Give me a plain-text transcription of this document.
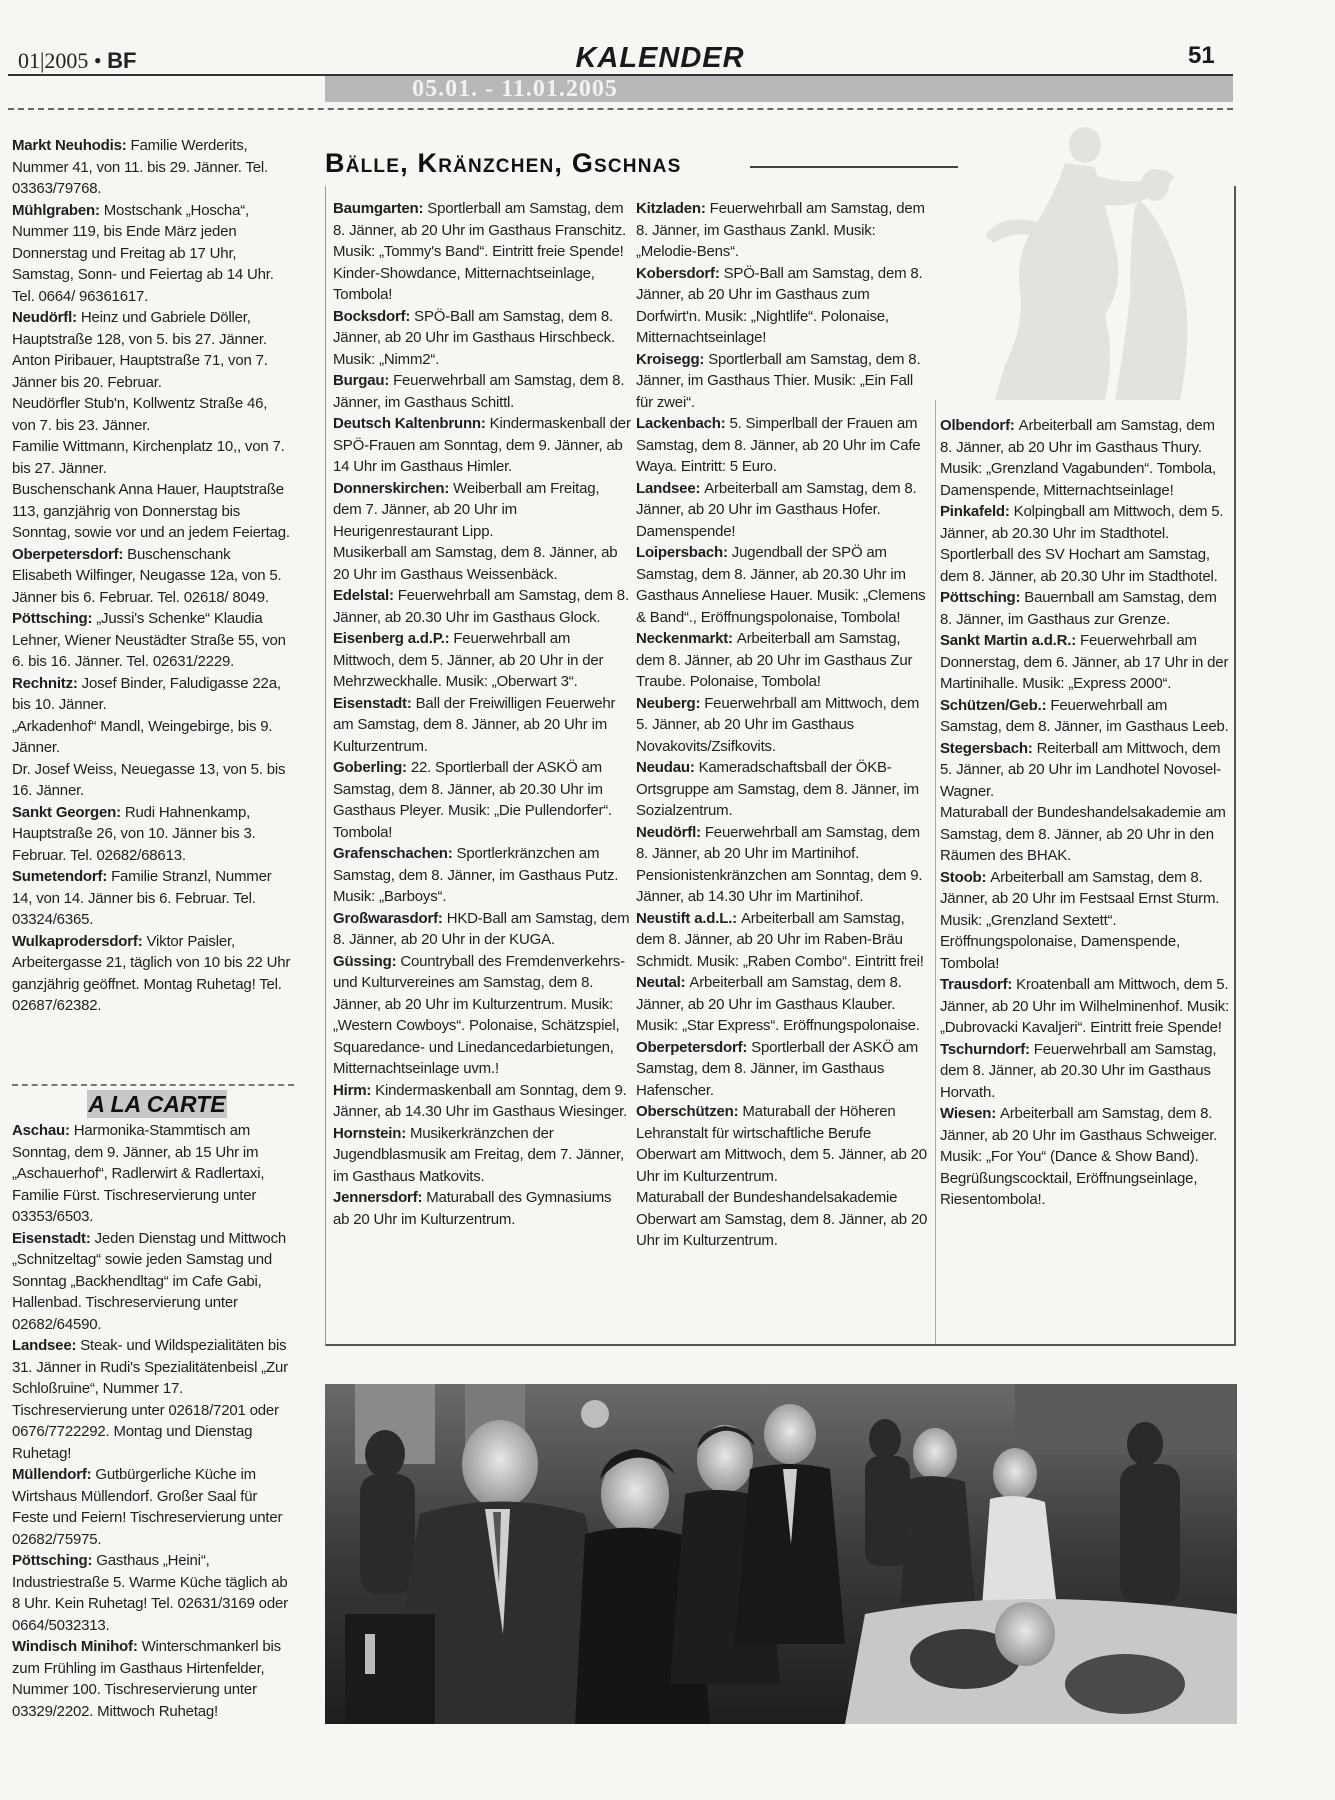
01|2005 • BF	KALENDER	51
05.01. - 11.01.2005

Markt Neuhodis: Familie Werderits, Nummer 41, von 11. bis 29. Jänner. Tel. 03363/79768.

Mühlgraben: Mostschank „Hoscha“, Nummer 119, bis Ende März jeden Donnerstag und Freitag ab 17 Uhr, Samstag, Sonn- und Feiertag ab 14 Uhr. Tel. 0664/ 96361617.

Neudörfl: Heinz und Gabriele Döller, Hauptstraße 128, von 5. bis 27. Jänner.

Anton Piribauer, Hauptstraße 71, von 7. Jänner bis 20. Februar.

Neudörfler Stub'n, Kollwentz Straße 46, von 7. bis 23. Jänner.

Familie Wittmann, Kirchenplatz 10,, von 7. bis 27. Jänner.

Buschenschank Anna Hauer, Hauptstraße 113, ganzjährig von Donnerstag bis Sonntag, sowie vor und an jedem Feiertag.

Oberpetersdorf: Buschenschank Elisabeth Wilfinger, Neugasse 12a, von 5. Jänner bis 6. Februar. Tel. 02618/ 8049.

Pöttsching: „Jussi's Schenke“ Klaudia Lehner, Wiener Neustädter Straße 55, von 6. bis 16. Jänner. Tel. 02631/2229.

Rechnitz: Josef Binder, Faludigasse 22a, bis 10. Jänner.

„Arkadenhof“ Mandl, Weingebirge, bis 9. Jänner.

Dr. Josef Weiss, Neuegasse 13, von 5. bis 16. Jänner.

Sankt Georgen: Rudi Hahnenkamp, Hauptstraße 26, von 10. Jänner bis 3. Februar. Tel. 02682/68613.

Sumetendorf: Familie Stranzl, Nummer 14, von 14. Jänner bis 6. Februar. Tel. 03324/6365.

Wulkaprodersdorf: Viktor Paisler, Arbeitergasse 21, täglich von 10 bis 22 Uhr ganzjährig geöffnet. Montag Ruhetag! Tel. 02687/62382.

A LA CARTE

Aschau: Harmonika-Stammtisch am Sonntag, dem 9. Jänner, ab 15 Uhr im „Aschauerhof“, Radlerwirt & Radlertaxi, Familie Fürst. Tischreservierung unter 03353/6503.

Eisenstadt: Jeden Dienstag und Mittwoch „Schnitzeltag“ sowie jeden Samstag und Sonntag „Backhendltag“ im Cafe Gabi, Hallenbad. Tischreservierung unter 02682/64590.

Landsee: Steak- und Wildspezialitäten bis 31. Jänner in Rudi's Spezialitätenbeisl „Zur Schloßruine“, Nummer 17. Tischreservierung unter 02618/7201 oder 0676/7722292. Montag und Dienstag Ruhetag!

Müllendorf: Gutbürgerliche Küche im Wirtshaus Müllendorf. Großer Saal für Feste und Feiern! Tischreservierung unter 02682/75975.

Pöttsching: Gasthaus „Heini“, Industriestraße 5. Warme Küche täglich ab 8 Uhr. Kein Ruhetag! Tel. 02631/3169 oder 0664/5032313.

Windisch Minihof: Winterschmankerl bis zum Frühling im Gasthaus Hirtenfelder, Nummer 100. Tischreservierung unter 03329/2202. Mittwoch Ruhetag!

Bälle, Kränzchen, Gschnas

Baumgarten: Sportlerball am Samstag, dem 8. Jänner, ab 20 Uhr im Gasthaus Franschitz. Musik: „Tommy's Band“. Eintritt freie Spende! Kinder-Showdance, Mitternachtseinlage, Tombola!

Bocksdorf: SPÖ-Ball am Samstag, dem 8. Jänner, ab 20 Uhr im Gasthaus Hirschbeck. Musik: „Nimm2“.

Burgau: Feuerwehrball am Samstag, dem 8. Jänner, im Gasthaus Schittl.

Deutsch Kaltenbrunn: Kindermaskenball der SPÖ-Frauen am Sonntag, dem 9. Jänner, ab 14 Uhr im Gasthaus Himler.

Donnerskirchen: Weiberball am Freitag, dem 7. Jänner, ab 20 Uhr im Heurigenrestaurant Lipp.

Musikerball am Samstag, dem 8. Jänner, ab 20 Uhr im Gasthaus Weissenbäck.

Edelstal: Feuerwehrball am Samstag, dem 8. Jänner, ab 20.30 Uhr im Gasthaus Glock.

Eisenberg a.d.P.: Feuerwehrball am Mittwoch, dem 5. Jänner, ab 20 Uhr in der Mehrzweckhalle. Musik: „Oberwart 3“.

Eisenstadt: Ball der Freiwilligen Feuerwehr am Samstag, dem 8. Jänner, ab 20 Uhr im Kulturzentrum.

Goberling: 22. Sportlerball der ASKÖ am Samstag, dem 8. Jänner, ab 20.30 Uhr im Gasthaus Pleyer. Musik: „Die Pullendorfer“. Tombola!

Grafenschachen: Sportlerkränzchen am Samstag, dem 8. Jänner, im Gasthaus Putz. Musik: „Barboys“.

Großwarasdorf: HKD-Ball am Samstag, dem 8. Jänner, ab 20 Uhr in der KUGA.

Güssing: Countryball des Fremdenverkehrs- und Kulturvereines am Samstag, dem 8. Jänner, ab 20 Uhr im Kulturzentrum. Musik: „Western Cowboys“. Polonaise, Schätzspiel, Squaredance- und Linedancedarbietungen, Mitternachtseinlage uvm.!

Hirm: Kindermaskenball am Sonntag, dem 9. Jänner, ab 14.30 Uhr im Gasthaus Wiesinger.

Hornstein: Musikerkränzchen der Jugendblasmusik am Freitag, dem 7. Jänner, im Gasthaus Matkovits.

Jennersdorf: Maturaball des Gymnasiums ab 20 Uhr im Kulturzentrum.

Kitzladen: Feuerwehrball am Samstag, dem 8. Jänner, im Gasthaus Zankl. Musik: „Melodie-Bens“.

Kobersdorf: SPÖ-Ball am Samstag, dem 8. Jänner, ab 20 Uhr im Gasthaus zum Dorfwirt'n. Musik: „Nightlife“. Polonaise, Mitternachtseinlage!

Kroisegg: Sportlerball am Samstag, dem 8. Jänner, im Gasthaus Thier. Musik: „Ein Fall für zwei“.

Lackenbach: 5. Simperlball der Frauen am Samstag, dem 8. Jänner, ab 20 Uhr im Cafe Waya. Eintritt: 5 Euro.

Landsee: Arbeiterball am Samstag, dem 8. Jänner, ab 20 Uhr im Gasthaus Hofer. Damenspende!

Loipersbach: Jugendball der SPÖ am Samstag, dem 8. Jänner, ab 20.30 Uhr im Gasthaus Anneliese Hauer. Musik: „Clemens & Band“., Eröffnungspolonaise, Tombola!

Neckenmarkt: Arbeiterball am Samstag, dem 8. Jänner, ab 20 Uhr im Gasthaus Zur Traube. Polonaise, Tombola!

Neuberg: Feuerwehrball am Mittwoch, dem 5. Jänner, ab 20 Uhr im Gasthaus Novakovits/Zsifkovits.

Neudau: Kameradschaftsball der ÖKB-Ortsgruppe am Samstag, dem 8. Jänner, im Sozialzentrum.

Neudörfl: Feuerwehrball am Samstag, dem 8. Jänner, ab 20 Uhr im Martinihof.

Pensionistenkränzchen am Sonntag, dem 9. Jänner, ab 14.30 Uhr im Martinihof.

Neustift a.d.L.: Arbeiterball am Samstag, dem 8. Jänner, ab 20 Uhr im Raben-Bräu Schmidt. Musik: „Raben Combo“. Eintritt frei!

Neutal: Arbeiterball am Samstag, dem 8. Jänner, ab 20 Uhr im Gasthaus Klauber. Musik: „Star Express“. Eröffnungspolonaise.

Oberpetersdorf: Sportlerball der ASKÖ am Samstag, dem 8. Jänner, im Gasthaus Hafenscher.

Oberschützen: Maturaball der Höheren Lehranstalt für wirtschaftliche Berufe Oberwart am Mittwoch, dem 5. Jänner, ab 20 Uhr im Kulturzentrum.

Maturaball der Bundeshandelsakademie Oberwart am Samstag, dem 8. Jänner, ab 20 Uhr im Kulturzentrum.

Olbendorf: Arbeiterball am Samstag, dem 8. Jänner, ab 20 Uhr im Gasthaus Thury. Musik: „Grenzland Vagabunden“. Tombola, Damenspende, Mitternachtseinlage!

Pinkafeld: Kolpingball am Mittwoch, dem 5. Jänner, ab 20.30 Uhr im Stadthotel.

Sportlerball des SV Hochart am Samstag, dem 8. Jänner, ab 20.30 Uhr im Stadthotel.

Pöttsching: Bauernball am Samstag, dem 8. Jänner, im Gasthaus zur Grenze.

Sankt Martin a.d.R.: Feuerwehrball am Donnerstag, dem 6. Jänner, ab 17 Uhr in der Martinihalle. Musik: „Express 2000“.

Schützen/Geb.: Feuerwehrball am Samstag, dem 8. Jänner, im Gasthaus Leeb.

Stegersbach: Reiterball am Mittwoch, dem 5. Jänner, ab 20 Uhr im Landhotel Novosel-Wagner.

Maturaball der Bundeshandelsakademie am Samstag, dem 8. Jänner, ab 20 Uhr in den Räumen des BHAK.

Stoob: Arbeiterball am Samstag, dem 8. Jänner, ab 20 Uhr im Festsaal Ernst Sturm. Musik: „Grenzland Sextett“. Eröffnungspolonaise, Damenspende, Tombola!

Trausdorf: Kroatenball am Mittwoch, dem 5. Jänner, ab 20 Uhr im Wilhelminenhof. Musik: „Dubrovacki Kavaljeri“. Eintritt freie Spende!

Tschurndorf: Feuerwehrball am Samstag, dem 8. Jänner, ab 20.30 Uhr im Gasthaus Horvath.

Wiesen: Arbeiterball am Samstag, dem 8. Jänner, ab 20 Uhr im Gasthaus Schweiger. Musik: „For You“ (Dance & Show Band). Begrüßungscocktail, Eröffnungseinlage, Riesentombola!.
